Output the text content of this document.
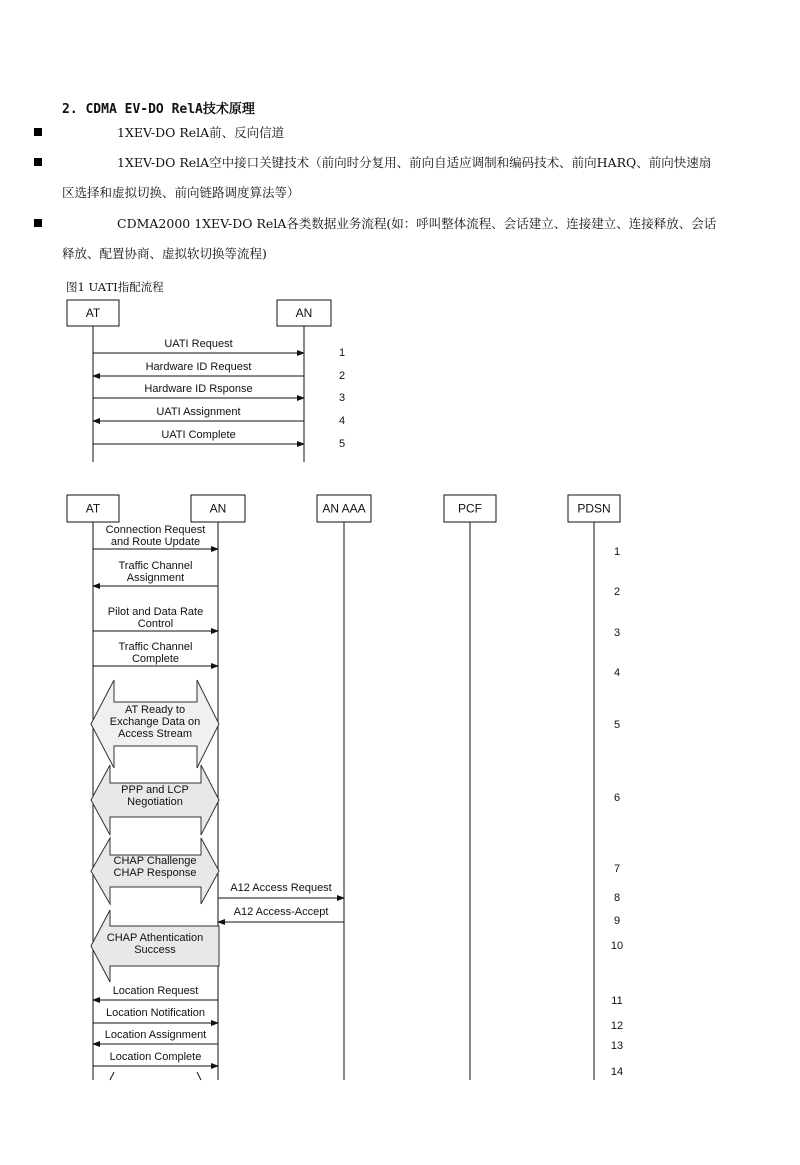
2. CDMA EV-DO RelA技术原理
1XEV-DO RelA前、反向信道
1XEV-DO RelA空中接口关键技术（前向时分复用、前向自适应调制和编码技术、前向HARQ、前向快速扇
区选择和虚拟切换、前向链路调度算法等）
CDMA2000 1XEV-DO RelA各类数据业务流程(如：呼叫整体流程、会话建立、连接建立、连接释放、会话
释放、配置协商、虚拟软切换等流程)
图1 UATI指配流程
AT	AN
UATI Request
1
Hardware ID Request
2
Hardware ID Rsponse
3
UATI Assignment
4
UATI Complete
5
AT	AN	AN AAA	PCF	PDSN
Connection Request and Route Update
Traffic Channel Assignment
Pilot and Data Rate Control
Traffic Channel Complete
AT Ready to Exchange Data on Access Stream
PPP and LCP Negotiation
CHAP Challenge CHAP Response
A12 Access Request
A12 Access-Accept
CHAP Athentication Success
Location Request
Location Notification
Location Assignment
Location Complete
1
2
3
4
5
6
7
8
9
10
11
12
13
14
